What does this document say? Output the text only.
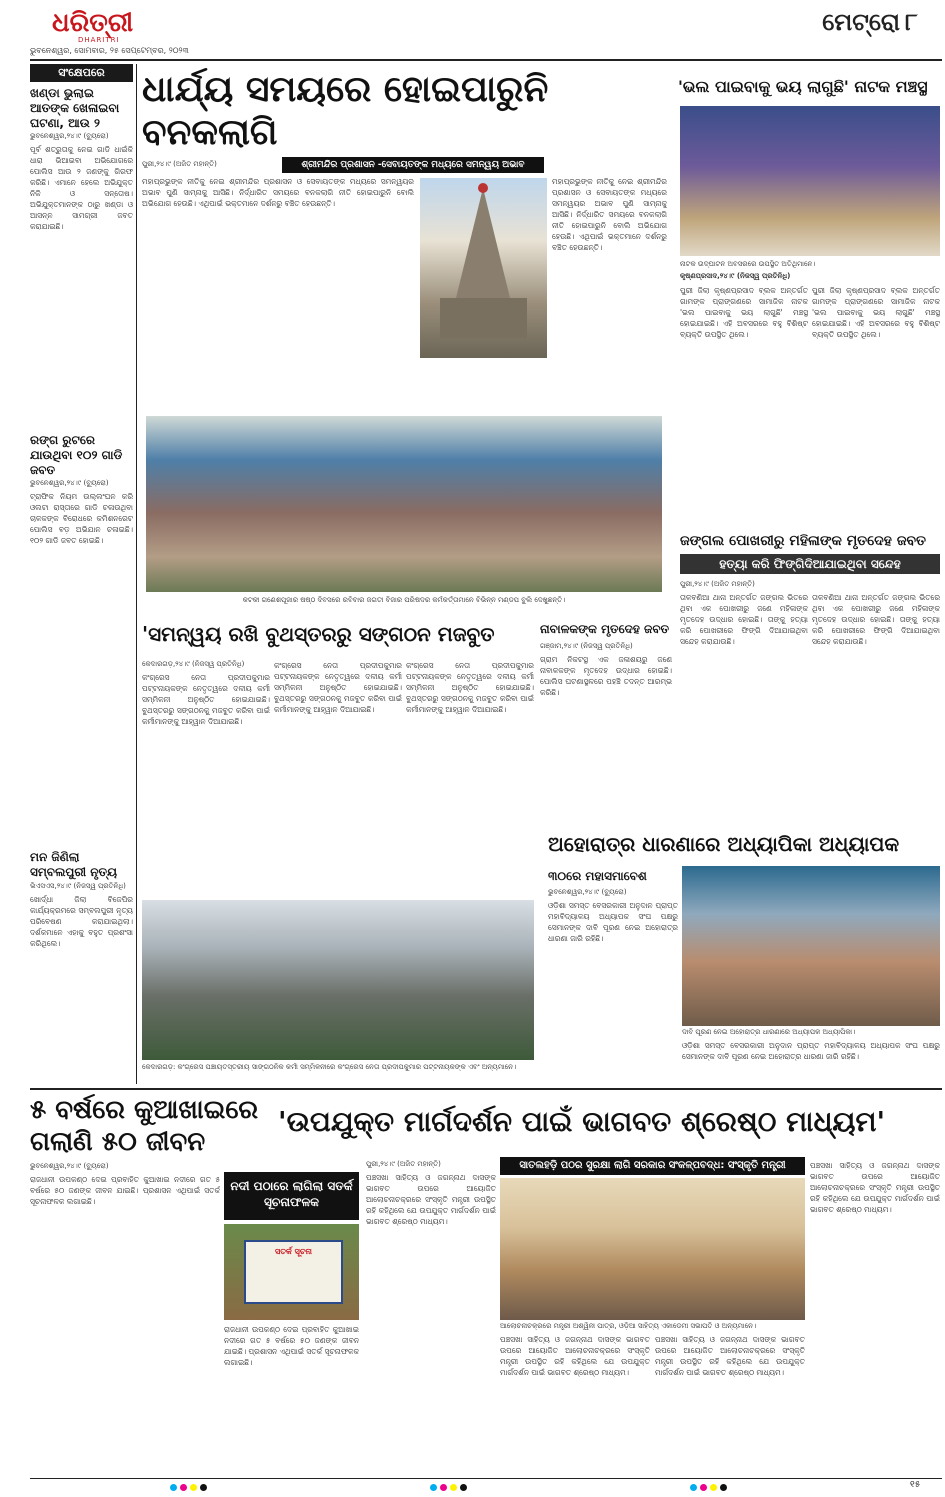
ଧରିତ୍ରୀ
DHARITRI
ଭୁବନେଶ୍ୱର, ସୋମବାର, ୨୫ ସେପ୍ଟେମ୍ବର, ୨୦୨୩
ମେଟ୍ରୋ ୮
ସଂକ୍ଷେପରେ
ଖଣ୍ଡା ଭୁଲାଇ ଆତଙ୍କ ଖେଳାଇବା ଘଟଣା, ଆଉ ୨
ଭୁବନେଶ୍ୱର,୨୪।୯ (ବ୍ୟୁରୋ)
ପୂର୍ବ ଶତ୍ରୁତାକୁ ନେଇ ଗାଡି ଧାଇଁକି ଧାରା ଭିଆଇବା ଅଭିଯୋଗରେ ପୋଲିସ ଆଉ ୨ ଜଣଙ୍କୁ ଗିରଫ କରିଛି। ଏମାନେ ହେଲେ ଅଭିଯୁକ୍ତ ନିକି ଓ ସନ୍ତୋଷ। ଅଭିଯୁକ୍ତମାନଙ୍କ ଠାରୁ ଖଣ୍ଡା ଓ ଆସନ୍ନ ସାମଗ୍ରୀ ଜବତ କରାଯାଇଛି।
ରଙ୍ଗ ରୁଟରେ ଯାଉଥିବା ୧୦୨ ଗାଡି ଜବତ
ଭୁବନେଶ୍ୱର,୨୪।୯ (ବ୍ୟୁରୋ)
ଟ୍ରାଫିକ ନିୟମ ଉଲ୍ଲଂଘନ କରି ଓଲଟା ରାସ୍ତାରେ ଗାଡି ଚଳାଉଥିବା ଚାଳକଙ୍କ ବିରୋଧରେ କମିଶନରେଟ ପୋଲିସ ବଡ଼ ଅଭିଯାନ ଚଳାଇଛି। ୧୦୨ ଗାଡି ଜବତ ହୋଇଛି।
ମନ ଜିଣିଲା ସମ୍ବଲପୁରୀ ନୃତ୍ୟ
ଭିଏସଏସ,୨୪।୯ (ନିଜସ୍ୱ ପ୍ରତିନିଧି)
ଖୋର୍ଦ୍ଧା ଜିଲା ବିଜେପିର କାର୍ଯ୍ୟକ୍ରମରେ ସମ୍ବଲପୁରୀ ନୃତ୍ୟ ପରିବେଷଣ କରାଯାଇଥିଲା। ଦର୍ଶକମାନେ ଏହାକୁ ବହୁତ ପ୍ରଶଂସା କରିଥିଲେ।
ଧାର୍ଯ୍ୟ ସମୟରେ ହୋଇପାରୁନି ବନକଲାଗି
ପୁରୀ,୨୪।୯ (ଅଜିତ ମହାନ୍ତି)	ଶ୍ରୀମନ୍ଦିର ପ୍ରଶାସନ -ସେବାୟତଙ୍କ ମଧ୍ୟରେ ସମନ୍ୱୟ ଅଭାବ
ମହାପ୍ରଭୁଙ୍କ ନୀତିକୁ ନେଇ ଶ୍ରୀମନ୍ଦିର ପ୍ରଶାସନ ଓ ସେବାୟତଙ୍କ ମଧ୍ୟରେ ସମନ୍ୱୟର ଅଭାବ ପୁଣି ସାମ୍ନାକୁ ଆସିଛି। ନିର୍ଦ୍ଧାରିତ ସମୟରେ ବନକଲାଗି ନୀତି ହୋଇପାରୁନି ବୋଲି ଅଭିଯୋଗ ହେଉଛି। ଏଥିପାଇଁ ଭକ୍ତମାନେ ଦର୍ଶନରୁ ବଞ୍ଚିତ ହେଉଛନ୍ତି।
ମହାପ୍ରଭୁଙ୍କ ନୀତିକୁ ନେଇ ଶ୍ରୀମନ୍ଦିର ପ୍ରଶାସନ ଓ ସେବାୟତଙ୍କ ମଧ୍ୟରେ ସମନ୍ୱୟର ଅଭାବ ପୁଣି ସାମ୍ନାକୁ ଆସିଛି। ନିର୍ଦ୍ଧାରିତ ସମୟରେ ବନକଲାଗି ନୀତି ହୋଇପାରୁନି ବୋଲି ଅଭିଯୋଗ ହେଉଛି। ଏଥିପାଇଁ ଭକ୍ତମାନେ ଦର୍ଶନରୁ ବଞ୍ଚିତ ହେଉଛନ୍ତି।
'ଭଲ ପାଇବାକୁ ଭୟ ଲାଗୁଛି' ନାଟକ ମଞ୍ଚସ୍ଥ
ନାଟକ ଉଦ୍‌ଘାଟନ ଅବସରରେ ଉପସ୍ଥିତ ଅତିଥିମାନେ।
କୃଷ୍ଣପ୍ରସାଦ,୨୪।୯ (ନିଜସ୍ୱ ପ୍ରତିନିଧି)
ପୁରୀ ଜିଲା କୃଷ୍ଣପ୍ରସାଦ ବ୍ଲକ ଅନ୍ତର୍ଗତ ଗାମଙ୍କ ପ୍ରାଙ୍ଗଣରେ ସାମାଜିକ ନାଟକ 'ଭଲ ପାଇବାକୁ ଭୟ ଲାଗୁଛି' ମଞ୍ଚସ୍ଥ ହୋଇଯାଇଛି। ଏହି ଅବସରରେ ବହୁ ବିଶିଷ୍ଟ ବ୍ୟକ୍ତି ଉପସ୍ଥିତ ଥିଲେ।
ପୁରୀ ଜିଲା କୃଷ୍ଣପ୍ରସାଦ ବ୍ଲକ ଅନ୍ତର୍ଗତ ଗାମଙ୍କ ପ୍ରାଙ୍ଗଣରେ ସାମାଜିକ ନାଟକ 'ଭଲ ପାଇବାକୁ ଭୟ ଲାଗୁଛି' ମଞ୍ଚସ୍ଥ ହୋଇଯାଇଛି। ଏହି ଅବସରରେ ବହୁ ବିଶିଷ୍ଟ ବ୍ୟକ୍ତି ଉପସ୍ଥିତ ଥିଲେ।
କଟକୀ ଗଣେଶପୂଜାର ଷଷ୍ଠ ଦିବସରେ ରବିବାର ଜଗତୀ ବିଜାର ପରିଷଦର କର୍ମକର୍ତ୍ତାମାନେ ବିଭିନ୍ନ ମଣ୍ଡପ ବୁଲି ଦେଖୁଛନ୍ତି।
ଜଙ୍ଗଲ ପୋଖରୀରୁ ମହିଳାଙ୍କ ମୃତଦେହ ଜବତ
ହତ୍ୟା କରି ଫିଙ୍ଗିଦିଆଯାଇଥିବା ସନ୍ଦେହ
ପୁରୀ,୨୪।୯ (ଅଜିତ ମହାନ୍ତି)
ତାଳବଣିଆ ଥାନା ଅନ୍ତର୍ଗତ ଜଙ୍ଗଲ ଭିତରେ ଥିବା ଏକ ପୋଖରୀରୁ ଜଣେ ମହିଳାଙ୍କ ମୃତଦେହ ଉଦ୍ଧାର ହୋଇଛି। ତାଙ୍କୁ ହତ୍ୟା କରି ପୋଖରୀରେ ଫିଙ୍ଗି ଦିଆଯାଇଥିବା ସନ୍ଦେହ କରାଯାଉଛି।
ତାଳବଣିଆ ଥାନା ଅନ୍ତର୍ଗତ ଜଙ୍ଗଲ ଭିତରେ ଥିବା ଏକ ପୋଖରୀରୁ ଜଣେ ମହିଳାଙ୍କ ମୃତଦେହ ଉଦ୍ଧାର ହୋଇଛି। ତାଙ୍କୁ ହତ୍ୟା କରି ପୋଖରୀରେ ଫିଙ୍ଗି ଦିଆଯାଇଥିବା ସନ୍ଦେହ କରାଯାଉଛି।
'ସମନ୍ୱୟ ରଖି ବୁଥସ୍ତରରୁ ସଙ୍ଗଠନ ମଜବୁତ
କେଦାରଗଡ଼,୨୪।୯ (ନିଜସ୍ୱ ପ୍ରତିନିଧି)
କଂଗ୍ରେସ ନେତା ପ୍ରଦୀପକୁମାର ପଟ୍ଟନାୟକଙ୍କ ନେତୃତ୍ୱରେ ଦଳୀୟ କର୍ମୀ ସମ୍ମିଳନୀ ଅନୁଷ୍ଠିତ ହୋଇଯାଇଛି। ବୁଥସ୍ତରରୁ ସଙ୍ଗଠନକୁ ମଜବୁତ କରିବା ପାଇଁ କର୍ମୀମାନଙ୍କୁ ଆହ୍ୱାନ ଦିଆଯାଇଛି।
କଂଗ୍ରେସ ନେତା ପ୍ରଦୀପକୁମାର ପଟ୍ଟନାୟକଙ୍କ ନେତୃତ୍ୱରେ ଦଳୀୟ କର୍ମୀ ସମ୍ମିଳନୀ ଅନୁଷ୍ଠିତ ହୋଇଯାଇଛି। ବୁଥସ୍ତରରୁ ସଙ୍ଗଠନକୁ ମଜବୁତ କରିବା ପାଇଁ କର୍ମୀମାନଙ୍କୁ ଆହ୍ୱାନ ଦିଆଯାଇଛି।
କଂଗ୍ରେସ ନେତା ପ୍ରଦୀପକୁମାର ପଟ୍ଟନାୟକଙ୍କ ନେତୃତ୍ୱରେ ଦଳୀୟ କର୍ମୀ ସମ୍ମିଳନୀ ଅନୁଷ୍ଠିତ ହୋଇଯାଇଛି। ବୁଥସ୍ତରରୁ ସଙ୍ଗଠନକୁ ମଜବୁତ କରିବା ପାଇଁ କର୍ମୀମାନଙ୍କୁ ଆହ୍ୱାନ ଦିଆଯାଇଛି।
କେଦାରଗଡ଼: କଂଗ୍ରେସ ପଞ୍ଚାୟତସ୍ତରୀୟ ସାଙ୍ଗଠନିକ କର୍ମୀ ସମ୍ମିଳନୀରେ କଂଗ୍ରେସ ନେତା ପ୍ରଦୀପକୁମାର ପଟ୍ଟନାୟକଙ୍କ ଏବଂ ଅନ୍ୟମାନେ।
ନାବାଳକଙ୍କ ମୃତଦେହ ଜବତ
ଗଞ୍ଜାମ,୨୪।୯ (ନିଜସ୍ୱ ପ୍ରତିନିଧି)
ଗ୍ରାମ ନିକଟସ୍ଥ ଏକ ଜଳାଶୟରୁ ଜଣେ ନାବାଳକଙ୍କ ମୃତଦେହ ଉଦ୍ଧାର ହୋଇଛି। ପୋଲିସ ଘଟଣାସ୍ଥଳରେ ପହଞ୍ଚି ତଦନ୍ତ ଆରମ୍ଭ କରିଛି।
ଅହୋରାତ୍ର ଧାରଣାରେ ଅଧ୍ୟାପିକା ଅଧ୍ୟାପକ
୩୦ରେ ମହାସମାବେଶ
ଭୁବନେଶ୍ୱର,୨୪।୯ (ବ୍ୟୁରୋ)
ଓଡ଼ିଶା ସମସ୍ତ ବେସରକାରୀ ଅନୁଦାନ ପ୍ରାପ୍ତ ମହାବିଦ୍ୟାଳୟ ଅଧ୍ୟାପକ ସଂଘ ପକ୍ଷରୁ ସେମାନଙ୍କ ଦାବି ପୂରଣ ନେଇ ଅହୋରାତ୍ର ଧାରଣା ଜାରି ରହିଛି।
ଦାବି ପୂରଣ ନେଇ ଅହୋରାତ୍ର ଧାରଣାରେ ଅଧ୍ୟାପକ ଅଧ୍ୟାପିକା।
ଓଡ଼ିଶା ସମସ୍ତ ବେସରକାରୀ ଅନୁଦାନ ପ୍ରାପ୍ତ ମହାବିଦ୍ୟାଳୟ ଅଧ୍ୟାପକ ସଂଘ ପକ୍ଷରୁ ସେମାନଙ୍କ ଦାବି ପୂରଣ ନେଇ ଅହୋରାତ୍ର ଧାରଣା ଜାରି ରହିଛି।
୫ ବର୍ଷରେ କୁଆଖାଇରେ ଗଲାଣି ୫୦ ଜୀବନ
ଭୁବନେଶ୍ୱର,୨୪।୯ (ବ୍ୟୁରୋ)
ରାଜଧାନୀ ଉପକଣ୍ଠ ଦେଇ ପ୍ରବାହିତ କୁଆଖାଇ ନଦୀରେ ଗତ ୫ ବର୍ଷରେ ୫୦ ଜଣଙ୍କ ଜୀବନ ଯାଇଛି। ପ୍ରଶାସନ ଏଥିପାଇଁ ସତର୍କ ସୂଚନାଫଳକ ଲଗାଇଛି।
ନଦୀ ପଠାରେ ଲାଗିଲା ସତର୍କ ସୂଚନାଫଳକ
ସତର୍କ ସୂଚନା
ରାଜଧାନୀ ଉପକଣ୍ଠ ଦେଇ ପ୍ରବାହିତ କୁଆଖାଇ ନଦୀରେ ଗତ ୫ ବର୍ଷରେ ୫୦ ଜଣଙ୍କ ଜୀବନ ଯାଇଛି। ପ୍ରଶାସନ ଏଥିପାଇଁ ସତର୍କ ସୂଚନାଫଳକ ଲଗାଇଛି।
'ଉପଯୁକ୍ତ ମାର୍ଗଦର୍ଶନ ପାଇଁ ଭାଗବତ ଶ୍ରେଷ୍ଠ ମାଧ୍ୟମ'
ପୁରୀ,୨୪।୯ (ଅଜିତ ମହାନ୍ତି)
ପଞ୍ଚସଖା ସାହିତ୍ୟ ଓ ଜଗନ୍ନାଥ ଦାସଙ୍କ ଭାଗବତ ଉପରେ ଆୟୋଜିତ ଆଲୋଚନାଚକ୍ରରେ ସଂସ୍କୃତି ମନ୍ତ୍ରୀ ଉପସ୍ଥିତ ରହି କହିଥିଲେ ଯେ ଉପଯୁକ୍ତ ମାର୍ଗଦର୍ଶନ ପାଇଁ ଭାଗବତ ଶ୍ରେଷ୍ଠ ମାଧ୍ୟମ।
ସାତଲହଡ଼ି ପଠର ସୁରକ୍ଷା ଲାଗି ସରକାର ସଂକଳ୍ପବଦ୍ଧ: ସଂସ୍କୃତି ମନ୍ତ୍ରୀ
ଆଲୋଚନାଚକ୍ରରେ ମନ୍ତ୍ରୀ ଅଶ୍ୱିନୀ ପାତ୍ର, ଓଡ଼ିଆ ସାହିତ୍ୟ ଏକାଡେମୀ ସଭାପତି ଓ ଅନ୍ୟମାନେ।
ପଞ୍ଚସଖା ସାହିତ୍ୟ ଓ ଜଗନ୍ନାଥ ଦାସଙ୍କ ଭାଗବତ ଉପରେ ଆୟୋଜିତ ଆଲୋଚନାଚକ୍ରରେ ସଂସ୍କୃତି ମନ୍ତ୍ରୀ ଉପସ୍ଥିତ ରହି କହିଥିଲେ ଯେ ଉପଯୁକ୍ତ ମାର୍ଗଦର୍ଶନ ପାଇଁ ଭାଗବତ ଶ୍ରେଷ୍ଠ ମାଧ୍ୟମ।
ପଞ୍ଚସଖା ସାହିତ୍ୟ ଓ ଜଗନ୍ନାଥ ଦାସଙ୍କ ଭାଗବତ ଉପରେ ଆୟୋଜିତ ଆଲୋଚନାଚକ୍ରରେ ସଂସ୍କୃତି ମନ୍ତ୍ରୀ ଉପସ୍ଥିତ ରହି କହିଥିଲେ ଯେ ଉପଯୁକ୍ତ ମାର୍ଗଦର୍ଶନ ପାଇଁ ଭାଗବତ ଶ୍ରେଷ୍ଠ ମାଧ୍ୟମ।
ପଞ୍ଚସଖା ସାହିତ୍ୟ ଓ ଜଗନ୍ନାଥ ଦାସଙ୍କ ଭାଗବତ ଉପରେ ଆୟୋଜିତ ଆଲୋଚନାଚକ୍ରରେ ସଂସ୍କୃତି ମନ୍ତ୍ରୀ ଉପସ୍ଥିତ ରହି କହିଥିଲେ ଯେ ଉପଯୁକ୍ତ ମାର୍ଗଦର୍ଶନ ପାଇଁ ଭାଗବତ ଶ୍ରେଷ୍ଠ ମାଧ୍ୟମ।
୧୫
